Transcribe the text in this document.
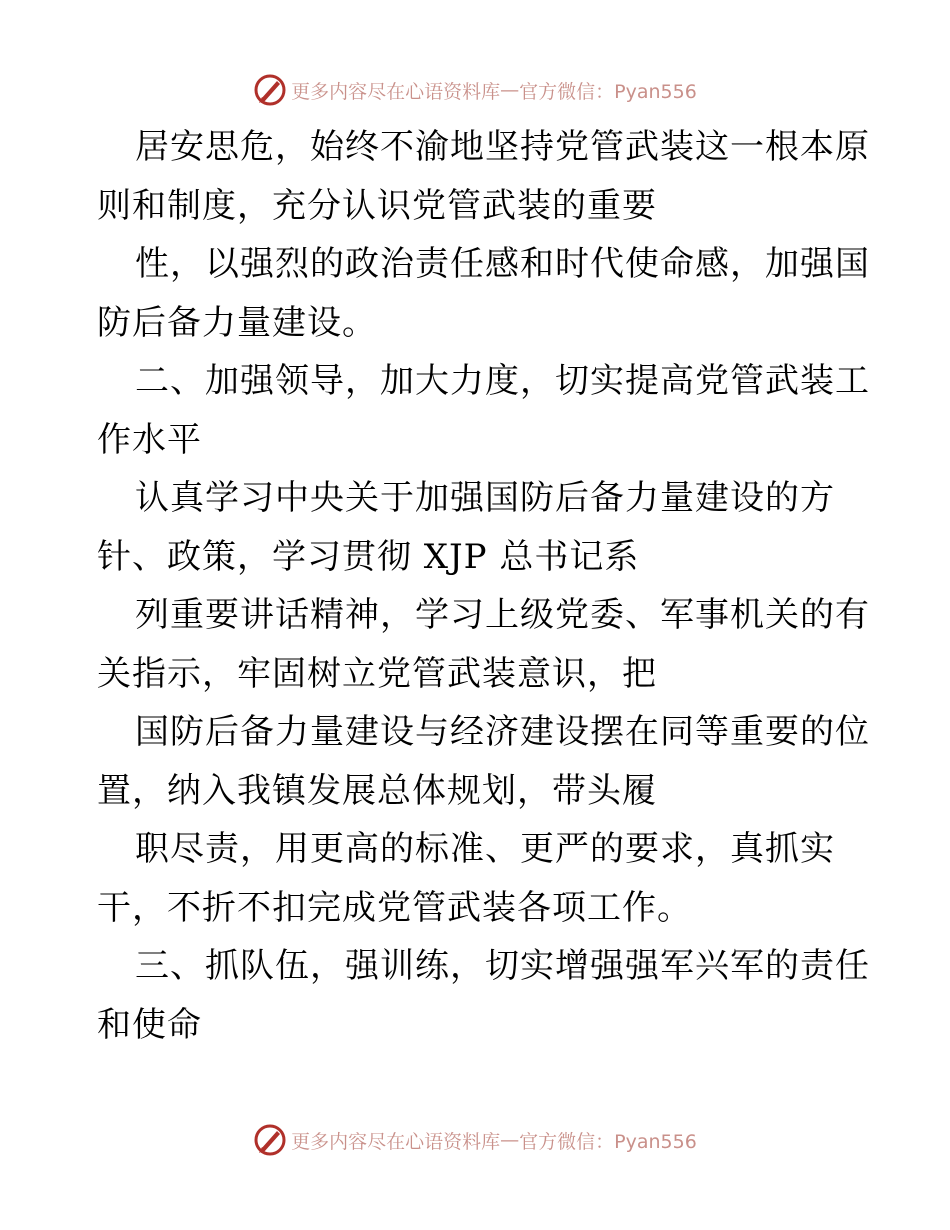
更多内容尽在心语资料库 — 官方微信：Pyan556
居安思危，始终不渝地坚持党管武装这一根本原
则和制度，充分认识党管武装的重要
性，以强烈的政治责任感和时代使命感，加强国
防后备力量建设。
二、加强领导，加大力度，切实提高党管武装工
作水平
认真学习中央关于加强国防后备力量建设的方
针、政策，学习贯彻 XJP 总书记系
列重要讲话精神，学习上级党委、军事机关的有
关指示，牢固树立党管武装意识，把
国防后备力量建设与经济建设摆在同等重要的位
置，纳入我镇发展总体规划，带头履
职尽责，用更高的标准、更严的要求，真抓实
干，不折不扣完成党管武装各项工作。
三、抓队伍，强训练，切实增强强军兴军的责任
和使命
更多内容尽在心语资料库 — 官方微信：Pyan556
